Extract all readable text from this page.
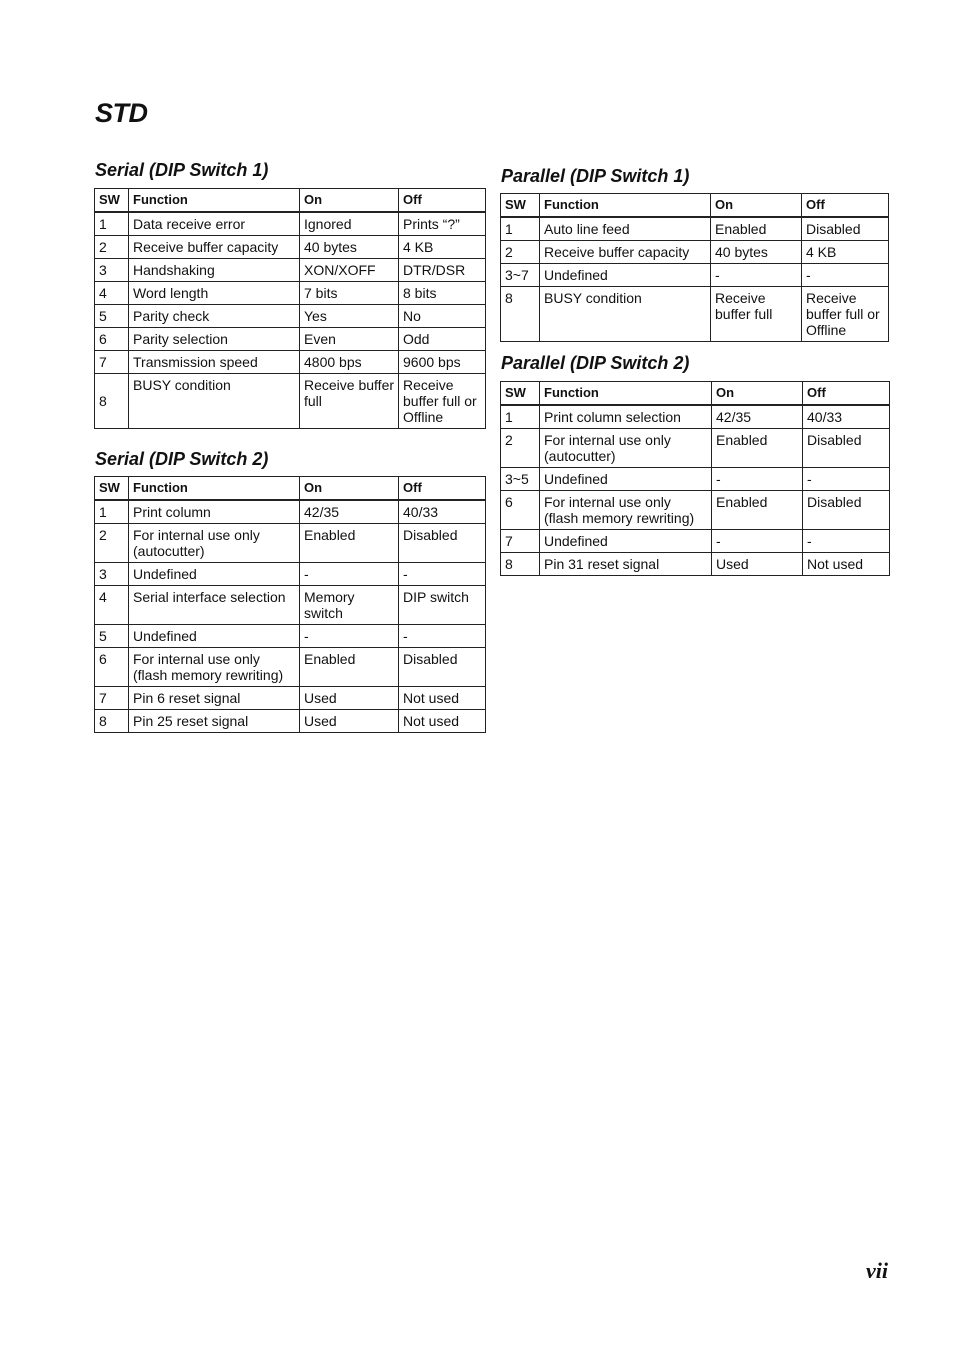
STD
Serial (DIP Switch 1)
SW	Function	On	Off
1	Data receive error	Ignored	Prints “?”
2	Receive buffer capacity	40 bytes	4 KB
3	Handshaking	XON/XOFF	DTR/DSR
4	Word length	7 bits	8 bits
5	Parity check	Yes	No
6	Parity selection	Even	Odd
7	Transmission speed	4800 bps	9600 bps
8	BUSY condition	Receive buffer full	Receive buffer full or Offline
Serial (DIP Switch 2)
SW	Function	On	Off
1	Print column	42/35	40/33
2	For internal use only (autocutter)	Enabled	Disabled
3	Undefined	-	-
4	Serial interface selection	Memory switch	DIP switch
5	Undefined	-	-
6	For internal use only (flash memory rewriting)	Enabled	Disabled
7	Pin 6 reset signal	Used	Not used
8	Pin 25 reset signal	Used	Not used
Parallel (DIP Switch 1)
SW	Function	On	Off
1	Auto line feed	Enabled	Disabled
2	Receive buffer capacity	40 bytes	4 KB
3~7	Undefined	-	-
8	BUSY condition	Receive buffer full	Receive buffer full or Offline
Parallel (DIP Switch 2)
SW	Function	On	Off
1	Print column selection	42/35	40/33
2	For internal use only (autocutter)	Enabled	Disabled
3~5	Undefined	-	-
6	For internal use only (flash memory rewriting)	Enabled	Disabled
7	Undefined	-	-
8	Pin 31 reset signal	Used	Not used
vii
